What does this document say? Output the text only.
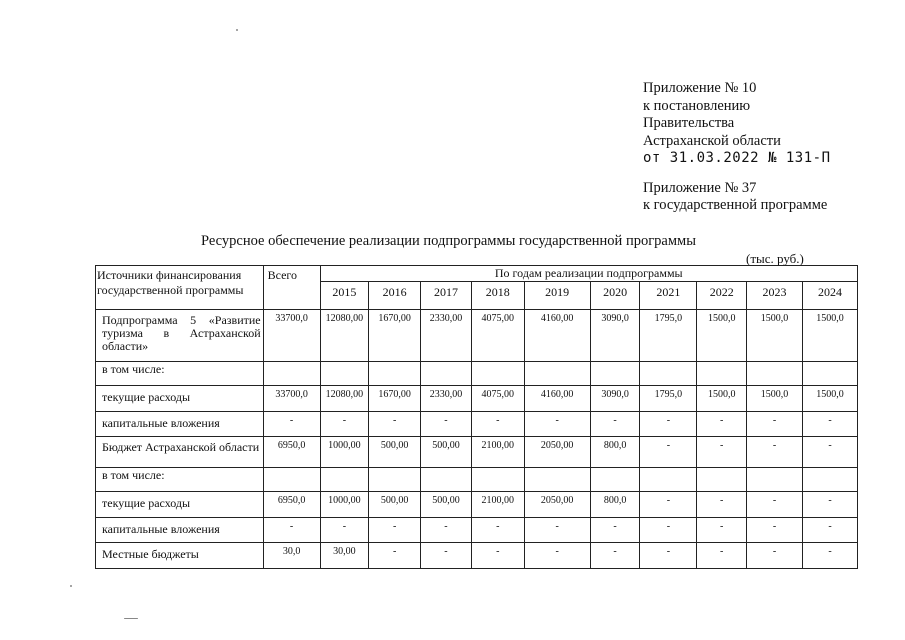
Приложение № 10
к постановлению
Правительства
Астраханской области
от 31.03.2022 № 131-П
Приложение № 37
к государственной программе
Ресурсное обеспечение реализации подпрограммы государственной программы
(тыс. руб.)
Источники финансирования государственной программы	Всего	По годам реализации подпрограммы									
		2015	2016	2017	2018	2019	2020	2021	2022	2023	2024
Подпрограмма 5 «Развитие туризма в Астраханской области»	33700,0	12080,00	1670,00	2330,00	4075,00	4160,00	3090,0	1795,0	1500,0	1500,0	1500,0
в том числе:											
текущие расходы	33700,0	12080,00	1670,00	2330,00	4075,00	4160,00	3090,0	1795,0	1500,0	1500,0	1500,0
капитальные вложения	-	-	-	-	-	-	-	-	-	-	-
Бюджет Астраханской области	6950,0	1000,00	500,00	500,00	2100,00	2050,00	800,0	-	-	-	-
в том числе:											
текущие расходы	6950,0	1000,00	500,00	500,00	2100,00	2050,00	800,0	-	-	-	-
капитальные вложения	-	-	-	-	-	-	-	-	-	-	-
Местные бюджеты	30,0	30,00	-	-	-	-	-	-	-	-	-
